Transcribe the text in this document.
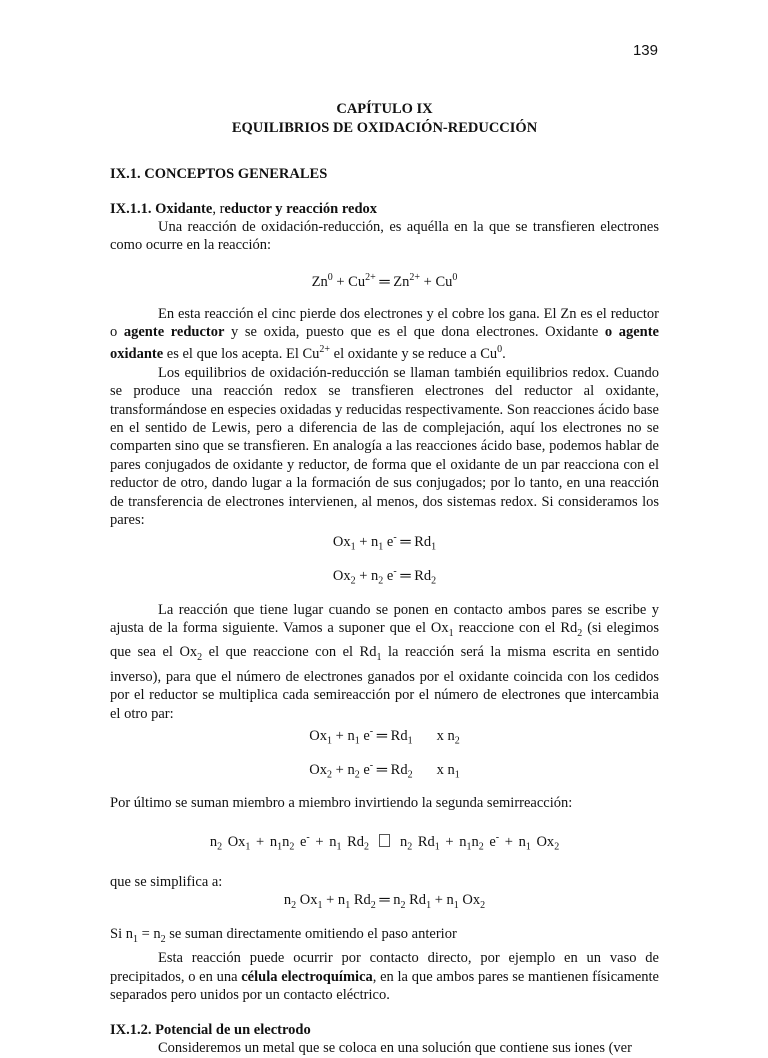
139
CAPÍTULO IX
EQUILIBRIOS DE OXIDACIÓN-REDUCCIÓN
IX.1. CONCEPTOS GENERALES
IX.1.1. Oxidante, reductor y reacción redox

Una reacción de oxidación-reducción, es aquélla en la que se transfieren electrones como ocurre en la reacción:

$Zn^0 + Cu^{2+}$ ═ $Zn^{2+} + Cu^0$

En esta reacción el cinc pierde dos electrones y el cobre los gana. El Zn es el reductor o agente reductor y se oxida, puesto que es el que dona electrones. Oxidante o agente oxidante es el que los acepta. El $Cu^{2+}$ el oxidante y se reduce a Cu$^0$.

Los equilibrios de oxidación-reducción se llaman también equilibrios redox. Cuando se produce una reacción redox se transfieren electrones del reductor al oxidante, transformándose en especies oxidadas y reducidas respectivamente. Son reacciones ácido base en el sentido de Lewis, pero a diferencia de las de complejación, aquí los electrones no se comparten sino que se transfieren. En analogía a las reacciones ácido base, podemos hablar de pares conjugados de oxidante y reductor, de forma que el oxidante de un par reacciona con el reductor de otro, dando lugar a la formación de sus conjugados; por lo tanto, en una reacción de transferencia de electrones intervienen, al menos, dos sistemas redox. Si consideramos los pares:

$Ox_1 + n_1$ e- ═ $Rd_1$
$Ox_2 + n_2$ e- ═ $Rd_2$

La reacción que tiene lugar cuando se ponen en contacto ambos pares se escribe y ajusta de la forma siguiente. Vamos a suponer que el $Ox_1$ reaccione con el $Rd_2$ (si elegimos que sea el $Ox_2$ el que reaccione con el $Rd_1$ la reacción será la misma escrita en sentido inverso), para que el número de electrones ganados por el oxidante coincida con los cedidos por el reductor se multiplica cada semireacción por el número de electrones que intercambia el otro par:

$Ox_1 + n_1$ e- ═ $Rd_1$ x $n_2$
$Ox_2 + n_2$ e- ═ $Rd_2$ x $n_1$

Por último se suman miembro a miembro invirtiendo la segunda semirreacción:

$n_2$ $Ox_1 + n_1n_2$ $e^- + n_1$ $Rd_2$ $n_2$ $Rd_1 + n_1n_2$ $e^- + n_1$ $Ox_2$

que se simplifica a:

$n_2$ $Ox_1 + n_1$ $Rd_2$ ═ $n_2$ $Rd_1 + n_1$ $Ox_2$

Si $n_1 = n_2$ se suman directamente omitiendo el paso anterior

Esta reacción puede ocurrir por contacto directo, por ejemplo en un vaso de precipitados, o en una célula electroquímica, en la que ambos pares se mantienen físicamente separados pero unidos por un contacto eléctrico.

IX.1.2. Potencial de un electrodo

Consideremos un metal que se coloca en una solución que contiene sus iones (ver
